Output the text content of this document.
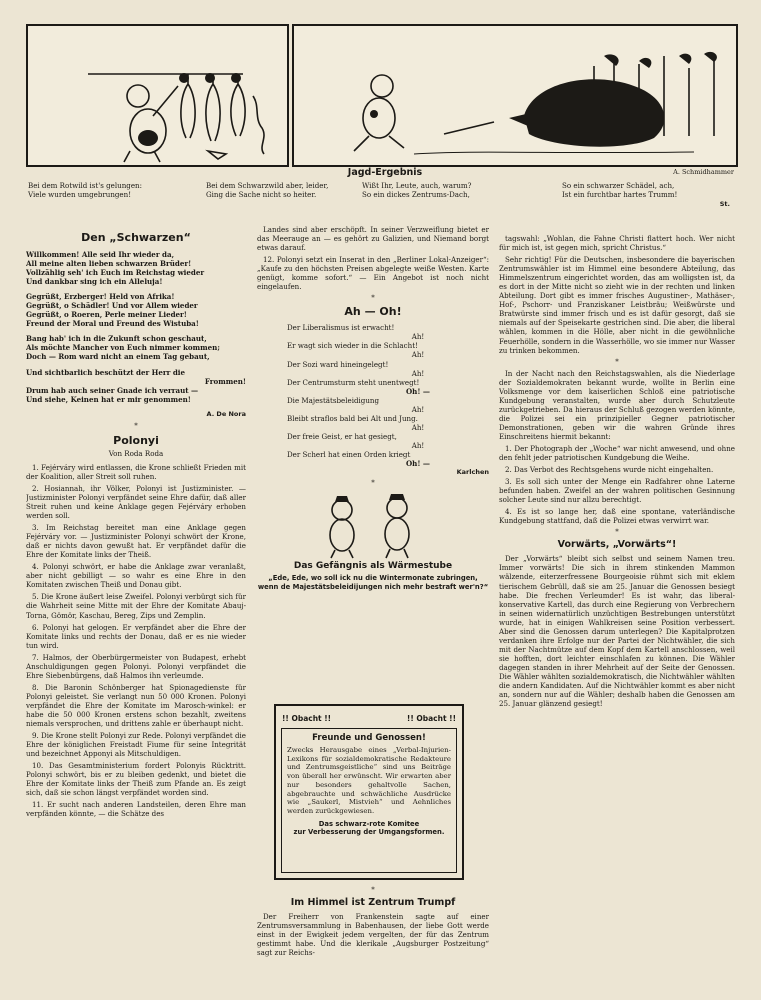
Jagd-Ergebnis	A. Schmidhammer
Bei dem Rotwild ist's gelungen:
Viele wurden umgebrungen!
Bei dem Schwarzwild aber, leider,
Ging die Sache nicht so heiter.
Wißt Ihr, Leute, auch, warum?
So ein dickes Zentrums-Dach,
So ein schwarzer Schädel, ach,
Ist ein furchtbar hartes Trumm!
St.
Den „Schwarzen“
Willkommen! Alle seid Ihr wieder da,
All meine alten lieben schwarzen Brüder!
Vollzählig seh' ich Euch im Reichstag wieder
Und dankbar sing ich ein Alleluja!
Gegrüßt, Erzberger! Held von Afrika!
Gegrüßt, o Schädler! Und vor Allem wieder
Gegrüßt, o Roeren, Perle meiner Lieder!
Freund der Moral und Freund des Wistuba!
Bang hab' ich in die Zukunft schon geschaut,
Als möchte Mancher von Euch nimmer kommen;
Doch — Rom ward nicht an einem Tag gebaut,
Und sichtbarlich beschützt der Herr die
Frommen!
Drum hab auch seiner Gnade ich verraut —
Und siehe, Keinen hat er mir genommen!
A. De Nora
*
Polonyi
Von Roda Roda

1. Fejérváry wird entlassen, die Krone schließt Frieden mit der Koalition, aller Streit soll ruhen.

2. Hosiannah, ihr Völker, Polonyi ist Justizminister. — Justizminister Polonyi verpfändet seine Ehre dafür, daß aller Streit ruhen und keine Anklage gegen Fejérváry erhoben werden soll.

3. Im Reichstag bereitet man eine Anklage gegen Fejérváry vor. — Justizminister Polonyi schwört der Krone, daß er nichts davon gewußt hat. Er verpfändet dafür die Ehre der Komitate links der Theiß.

4. Polonyi schwört, er habe die Anklage zwar veranlaßt, aber nicht gebilligt — so wahr es eine Ehre in den Komitaten zwischen Theiß und Donau gibt.

5. Die Krone äußert leise Zweifel. Polonyi verbürgt sich für die Wahrheit seine Mitte mit der Ehre der Komitate Abauj-Torna, Gömör, Kaschau, Bereg, Zips und Zemplin.

6. Polonyi hat gelogen. Er verpfändet aber die Ehre der Komitate links und rechts der Donau, daß er es nie wieder tun wird.

7. Halmos, der Oberbürgermeister von Budapest, erhebt Anschuldigungen gegen Polonyi. Polonyi verpfändet die Ehre Siebenbürgens, daß Halmos ihn verleumde.

8. Die Baronin Schönberger hat Spionagedienste für Polonyi geleistet. Sie verlangt nun 50 000 Kronen. Polonyi verpfändet die Ehre der Komitate im Marosch-winkel: er habe die 50 000 Kronen erstens schon bezahlt, zweitens niemals versprochen, und drittens zahle er überhaupt nicht.

9. Die Krone stellt Polonyi zur Rede. Polonyi verpfändet die Ehre der königlichen Freistadt Fiume für seine Integrität und bezeichnet Apponyi als Mitschuldigen.

10. Das Gesamtministerium fordert Polonyis Rücktritt. Polonyi schwört, bis er zu bleiben gedenkt, und bietet die Ehre der Komitate links der Theiß zum Pfande an. Es zeigt sich, daß sie schon längst verpfändet worden sind.

11. Er sucht nach anderen Landsteilen, deren Ehre man verpfänden könnte, — die Schätze des

Landes sind aber erschöpft. In seiner Verzweiflung bietet er das Meerauge an — es gehört zu Galizien, und Niemand borgt etwas darauf.

12. Polonyi setzt ein Inserat in den „Berliner Lokal-Anzeiger“: „Kaufe zu den höchsten Preisen abgelegte weiße Westen. Karte genügt, komme sofort.“ — Ein Angebot ist noch nicht eingelaufen.

*
Ah — Oh!
Der Liberalismus ist erwacht!
Ah!
Er wagt sich wieder in die Schlacht!
Ah!
Der Sozi ward hineingelegt!
Ah!
Der Centrumsturm steht unentwegt!
Oh! —
Die Majestätsbeleidigung
Ah!
Bleibt straflos bald bei Alt und Jung.
Ah!
Der freie Geist, er hat gesiegt,
Ah!
Der Scherl hat einen Orden kriegt
Oh! —
Karlchen
*
Das Gefängnis als Wärmestube
„Ede, Ede, wo soll ick nu die Wintermonate zubringen, wenn de Majestätsbeleidijungen nich mehr bestraft wer'n?“
!! Obacht !!	!! Obacht !!
Freunde und Genossen!
Zwecks Herausgabe eines „Verbal-Injurien-Lexikons für sozialdemokratische Redakteure und Zentrumsgeistliche“ sind uns Beiträge von überall her erwünscht. Wir erwarten aber nur besonders gehaltvolle Sachen, abgebrauchte und schwächliche Ausdrücke wie „Saukerl, Mistvieh“ und Aehnliches werden zurückgewiesen.
Das schwarz-rote Komitee
zur Verbesserung der Umgangsformen.
*
Im Himmel ist Zentrum Trumpf

Der Freiherr von Frankenstein sagte auf einer Zentrumsversammlung in Babenhausen, der liebe Gott werde einst in der Ewigkeit jedem vergelten, der für das Zentrum gestimmt habe. Und die klerikale „Augsburger Postzeitung“ sagt zur Reichs-

tagswahl: „Wohlan, die Fahne Christi flattert hoch. Wer nicht für mich ist, ist gegen mich, spricht Christus.“

Sehr richtig! Für die Deutschen, insbesondere die bayerischen Zentrumswähler ist im Himmel eine besondere Abteilung, das Himmelszentrum eingerichtet worden, das am wolligsten ist, da es dort in der Mitte nicht so zieht wie in der rechten und linken Abteilung. Dort gibt es immer frisches Augustiner-, Mathäser-, Hof-, Pschorr- und Franziskaner Leistbräu; Weißwürste und Bratwürste sind immer frisch und es ist dafür gesorgt, daß sie niemals auf der Speisekarte gestrichen sind. Die aber, die liberal wählen, kommen in die Hölle, aber nicht in die gewöhnliche Feuerhölle, sondern in die Wasserhölle, wo sie immer nur Wasser zu trinken bekommen.

*

In der Nacht nach den Reichstagswahlen, als die Niederlage der Sozialdemokraten bekannt wurde, wollte in Berlin eine Volksmenge vor dem kaiserlichen Schloß eine patriotische Kundgebung veranstalten, wurde aber durch Schutzleute zurückgetrieben. Da hieraus der Schluß gezogen werden könnte, die Polizei sei ein prinzipieller Gegner patriotischer Demonstrationen, geben wir die wahren Gründe ihres Einschreitens hiermit bekannt:

1. Der Photograph der „Woche“ war nicht anwesend, und ohne den fehlt jeder patriotischen Kundgebung die Weihe.

2. Das Verbot des Rechtsgehens wurde nicht eingehalten.

3. Es soll sich unter der Menge ein Radfahrer ohne Laterne befunden haben. Zweifel an der wahren politischen Gesinnung solcher Leute sind nur allzu berechtigt.

4. Es ist so lange her, daß eine spontane, vaterländische Kundgebung stattfand, daß die Polizei etwas verwirrt war.

*
Vorwärts, „Vorwärts“!

Der „Vorwärts“ bleibt sich selbst und seinem Namen treu. Immer vorwärts! Die sich in ihrem stinkenden Mammon wälzende, eiterzerfressene Bourgeoisie rühmt sich mit eklem tierischem Gebrüll, daß sie am 25. Januar die Genossen besiegt habe. Die frechen Verleumder! Es ist wahr, das liberal-konservative Kartell, das durch eine Regierung von Verbrechern in seinen widernatürlich unzüchtigen Bestrebungen unterstützt wurde, hat in einigen Wahlkreisen seine Position verbessert. Aber sind die Genossen darum unterlegen? Die Kapitalprotzen verdanken ihre Erfolge nur der Partei der Nichtwähler, die sich mit der Nachtmütze auf dem Kopf dem Kartell anschlossen, weil sie hofften, dort leichter einschlafen zu können. Die Wähler dagegen standen in ihrer Mehrheit auf der Seite der Genossen. Die Wähler wählten sozialdemokratisch, die Nichtwähler wählten die andern Kandidaten. Auf die Nichtwähler kommt es aber nicht an, sondern nur auf die Wähler; deshalb haben die Genossen am 25. Januar glänzend gesiegt!
